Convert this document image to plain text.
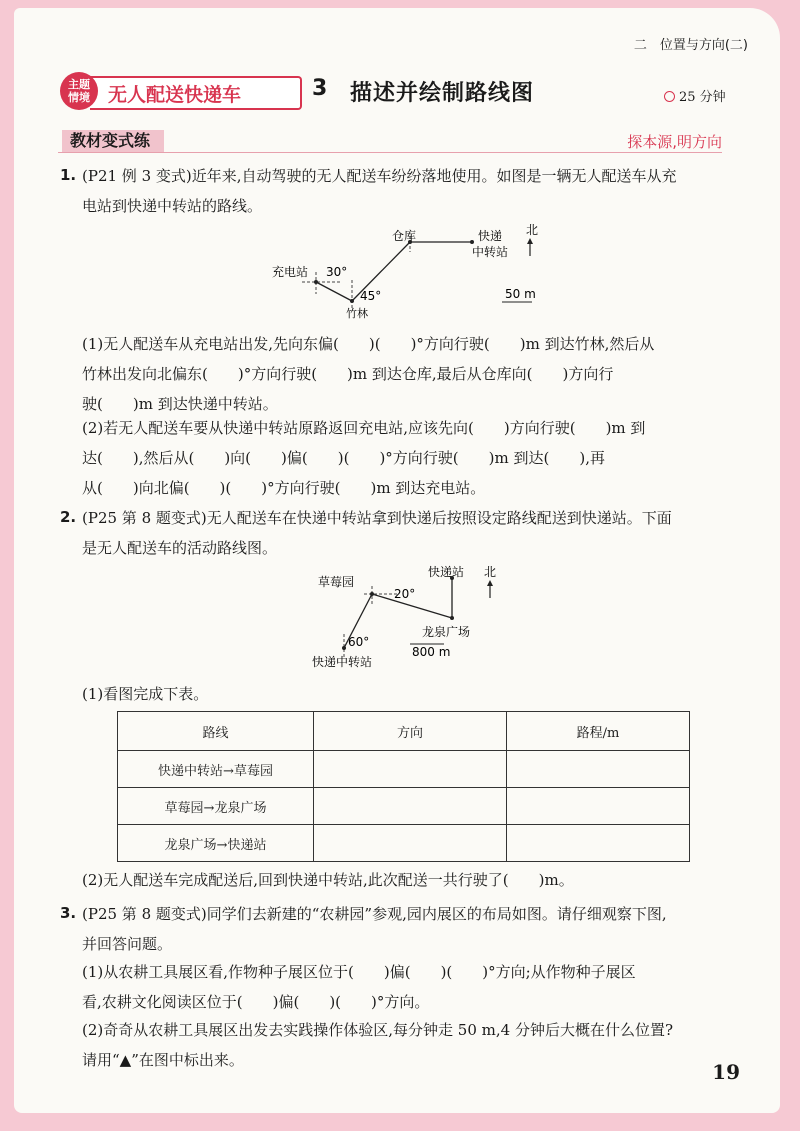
二　位置与方向(二)
主题
情境 无人配送快递车	3 描述并绘制路线图	25 分钟
教材变式练	探本源,明方向
1. (P21 例 3 变式)近年来,自动驾驶的无人配送车纷纷落地使用。如图是一辆无人配送车从充
电站到快递中转站的路线。
充电站 30°
45°
竹林
仓库	快递
中转站
北
50 m
(1)无人配送车从充电站出发,先向东偏(　　)(　　)°方向行驶(　　)m 到达竹林,然后从
竹林出发向北偏东(　　)°方向行驶(　　)m 到达仓库,最后从仓库向(　　)方向行
驶(　　)m 到达快递中转站。
(2)若无人配送车要从快递中转站原路返回充电站,应该先向(　　)方向行驶(　　)m 到
达(　　),然后从(　　)向(　　)偏(　　)(　　)°方向行驶(　　)m 到达(　　),再
从(　　)向北偏(　　)(　　)°方向行驶(　　)m 到达充电站。
2. (P25 第 8 题变式)无人配送车在快递中转站拿到快递后按照设定路线配送到快递站。下面
是无人配送车的活动路线图。
草莓园
20°
60°
快递站 北
龙泉广场
快递中转站
800 m
(1)看图完成下表。
路线	方向	路程/m
快递中转站→草莓园		
草莓园→龙泉广场		
龙泉广场→快递站		
(2)无人配送车完成配送后,回到快递中转站,此次配送一共行驶了(　　)m。
3. (P25 第 8 题变式)同学们去新建的“农耕园”参观,园内展区的布局如图。请仔细观察下图,
并回答问题。
(1)从农耕工具展区看,作物种子展区位于(　　)偏(　　)(　　)°方向;从作物种子展区
看,农耕文化阅读区位于(　　)偏(　　)(　　)°方向。
(2)奇奇从农耕工具展区出发去实践操作体验区,每分钟走 50 m,4 分钟后大概在什么位置?
请用“▲”在图中标出来。	19
